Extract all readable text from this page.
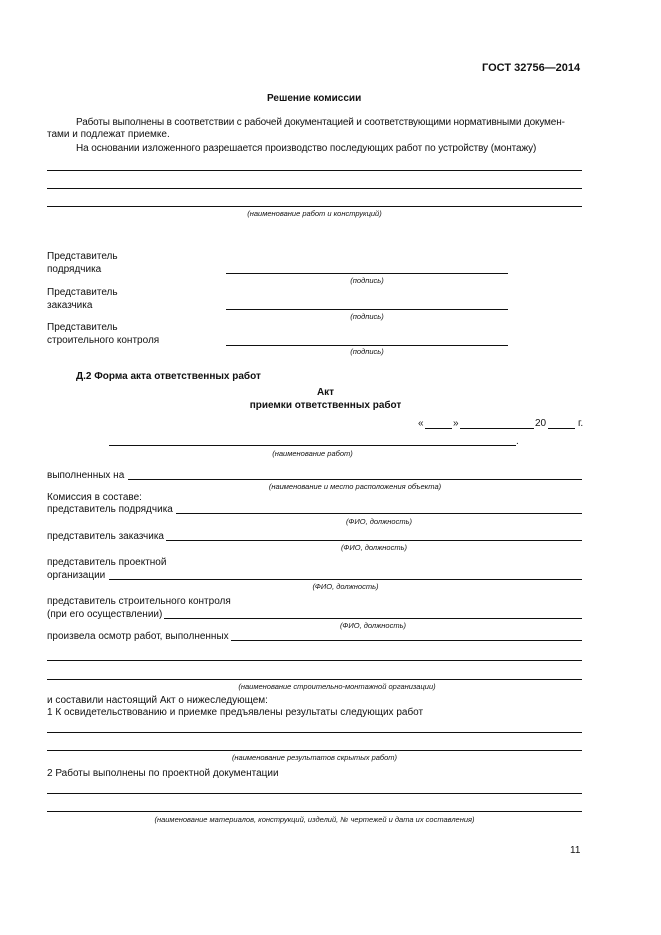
ГОСТ 32756—2014
Решение комиссии
Работы выполнены в соответствии с рабочей документацией и соответствующими нормативными докумен-
тами и подлежат приемке.
На основании изложенного разрешается производство последующих работ по устройству (монтажу)
(наименование работ и конструкций)
Представитель
подрядчика
(подпись)
Представитель
заказчика
(подпись)
Представитель
строительного контроля
(подпись)
Д.2 Форма акта ответственных работ
Акт
приемки ответственных работ
«	»	20	г.
.
(наименование работ)
выполненных на
(наименование и место расположения объекта)
Комиссия в составе:
представитель подрядчика
(ФИО, должность)
представитель заказчика
(ФИО, должность)
представитель проектной
организации
(ФИО, должность)
представитель строительного контроля
(при его осуществлении)
(ФИО, должность)
произвела осмотр работ, выполненных
(наименование строительно-монтажной организации)
и составили настоящий Акт о нижеследующем:
1 К освидетельствованию и приемке предъявлены результаты следующих работ
(наименование результатов скрытых работ)
2 Работы выполнены по проектной документации
(наименование материалов, конструкций, изделий, № чертежей и дата их составления)
11
